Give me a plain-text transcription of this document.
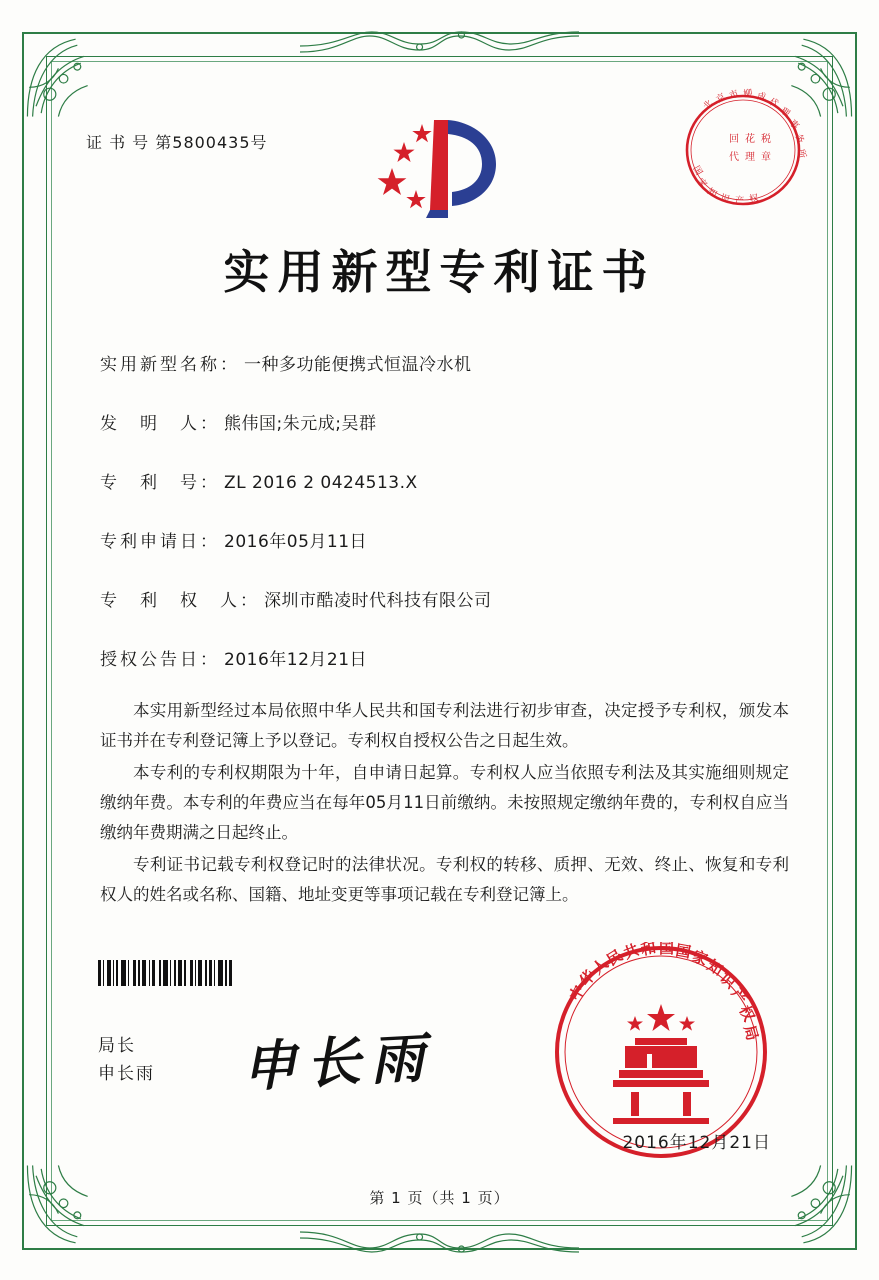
证 书 号 第5800435号
北 京 市 柳 成 代
理
事
务
所
国
家
知 识 产 权
回 花 税
代 理 章
实用新型专利证书
实用新型名称： 一种多功能便携式恒温冷水机
发　明　人： 熊伟国;朱元成;吴群
专　利　号： ZL 2016 2 0424513.X
专利申请日： 2016年05月11日
专　利　权　人： 深圳市酷凌时代科技有限公司
授权公告日： 2016年12月21日

本实用新型经过本局依照中华人民共和国专利法进行初步审查，决定授予专利权，颁发本证书并在专利登记簿上予以登记。专利权自授权公告之日起生效。

本专利的专利权期限为十年，自申请日起算。专利权人应当依照专利法及其实施细则规定缴纳年费。本专利的年费应当在每年05月11日前缴纳。未按照规定缴纳年费的，专利权自应当缴纳年费期满之日起终止。

专利证书记载专利权登记时的法律状况。专利权的转移、质押、无效、终止、恢复和专利权人的姓名或名称、国籍、地址变更等事项记载在专利登记簿上。

局长
申长雨 申长雨
中
华
人
民
共
和 国 国
家
知
识
产
权
局
2016年12月21日
第 1 页（共 1 页）
